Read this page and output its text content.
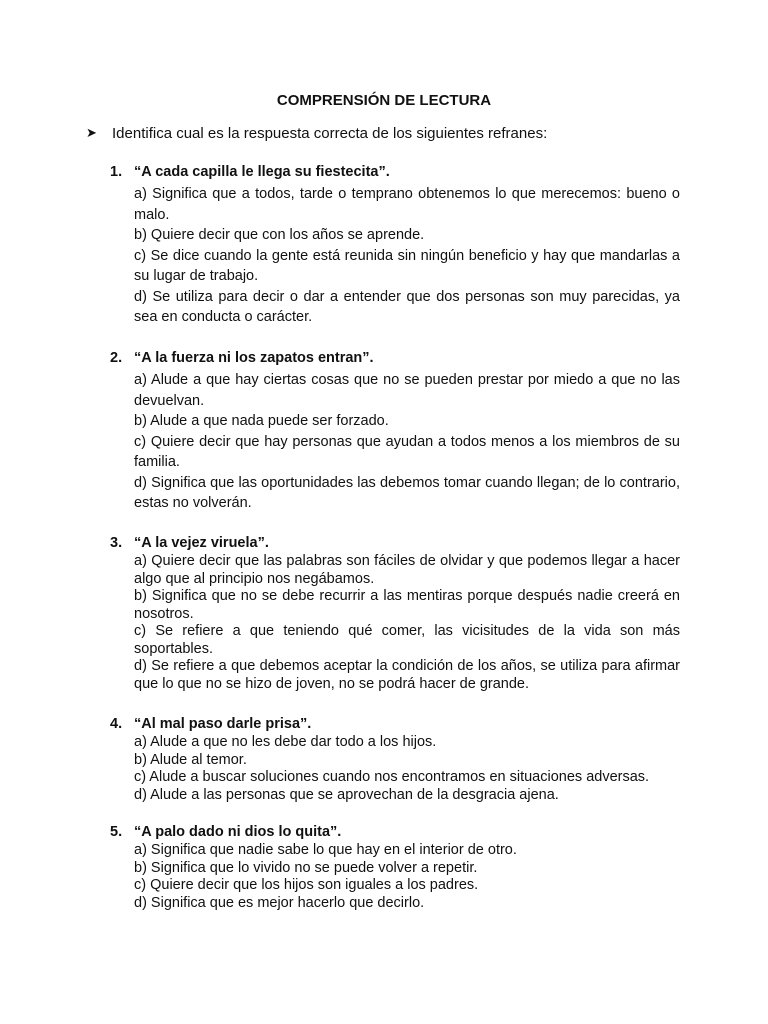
COMPRENSIÓN DE LECTURA
➤ Identifica cual es la respuesta correcta de los siguientes refranes:
1. “A cada capilla le llega su fiestecita”.

a) Significa que a todos, tarde o temprano obtenemos lo que merecemos: bueno o malo.

b) Quiere decir que con los años se aprende.

c) Se dice cuando la gente está reunida sin ningún beneficio y hay que mandarlas a su lugar de trabajo.

d) Se utiliza para decir o dar a entender que dos personas son muy parecidas, ya sea en conducta o carácter.

2. “A la fuerza ni los zapatos entran”.

a) Alude a que hay ciertas cosas que no se pueden prestar por miedo a que no las devuelvan.

b) Alude a que nada puede ser forzado.

c) Quiere decir que hay personas que ayudan a todos menos a los miembros de su familia.

d) Significa que las oportunidades las debemos tomar cuando llegan; de lo contrario, estas no volverán.

3. “A la vejez viruela”.

a) Quiere decir que las palabras son fáciles de olvidar y que podemos llegar a hacer algo que al principio nos negábamos.

b) Significa que no se debe recurrir a las mentiras porque después nadie creerá en nosotros.

c) Se refiere a que teniendo qué comer, las vicisitudes de la vida son más soportables.

d) Se refiere a que debemos aceptar la condición de los años, se utiliza para afirmar que lo que no se hizo de joven, no se podrá hacer de grande.

4. “Al mal paso darle prisa”.

a) Alude a que no les debe dar todo a los hijos.

b) Alude al temor.

c) Alude a buscar soluciones cuando nos encontramos en situaciones adversas.

d) Alude a las personas que se aprovechan de la desgracia ajena.

5. “A palo dado ni dios lo quita”.

a) Significa que nadie sabe lo que hay en el interior de otro.

b) Significa que lo vivido no se puede volver a repetir.

c) Quiere decir que los hijos son iguales a los padres.

d) Significa que es mejor hacerlo que decirlo.
